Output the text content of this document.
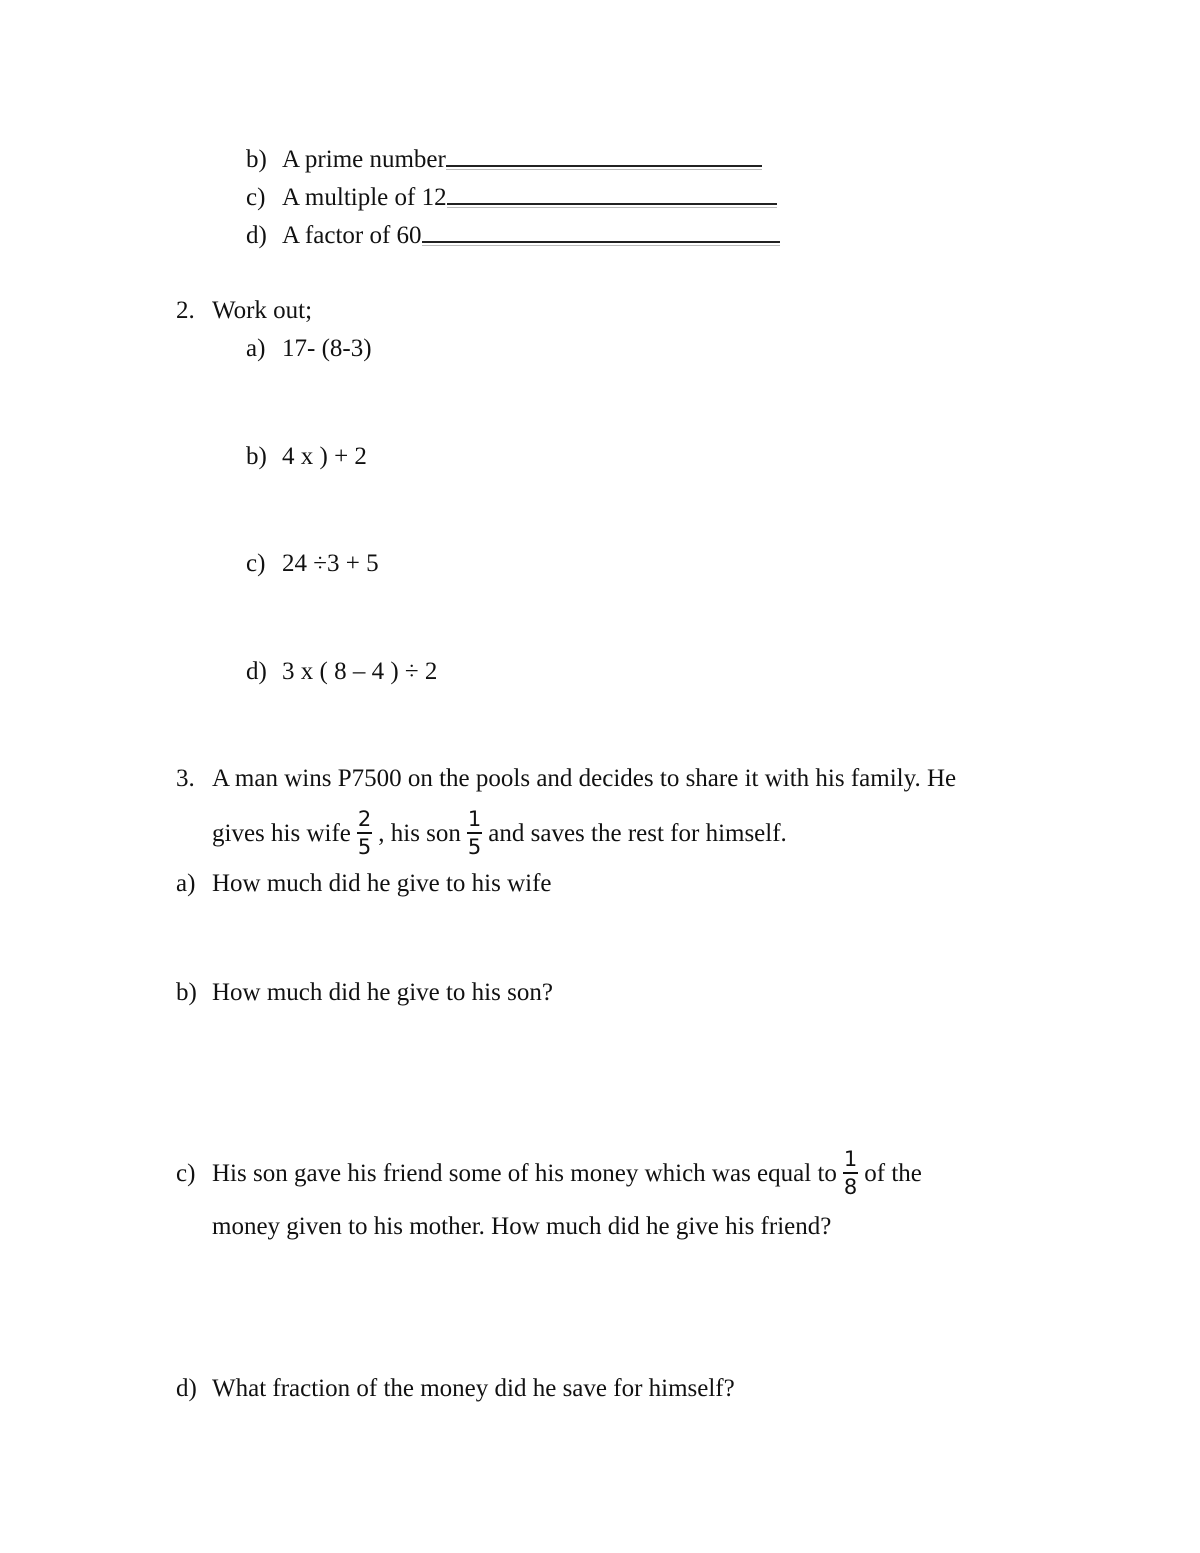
b) A prime number
c) A multiple of 12
d) A factor of 60
2. Work out;
a) 17- (8-3)
b) 4 x ) + 2
c) 24 ÷3 + 5
d) 3 x ( 8 – 4 ) ÷ 2
3. A man wins P7500 on the pools and decides to share it with his family. He
gives his wife $\frac{2}{5}$ , his son $\frac{1}{5}$ and saves the rest for himself.
a) How much did he give to his wife
b) How much did he give to his son?
c) His son gave his friend some of his money which was equal to $\frac{1}{8}$ of the
money given to his mother. How much did he give his friend?
d) What fraction of the money did he save for himself?
